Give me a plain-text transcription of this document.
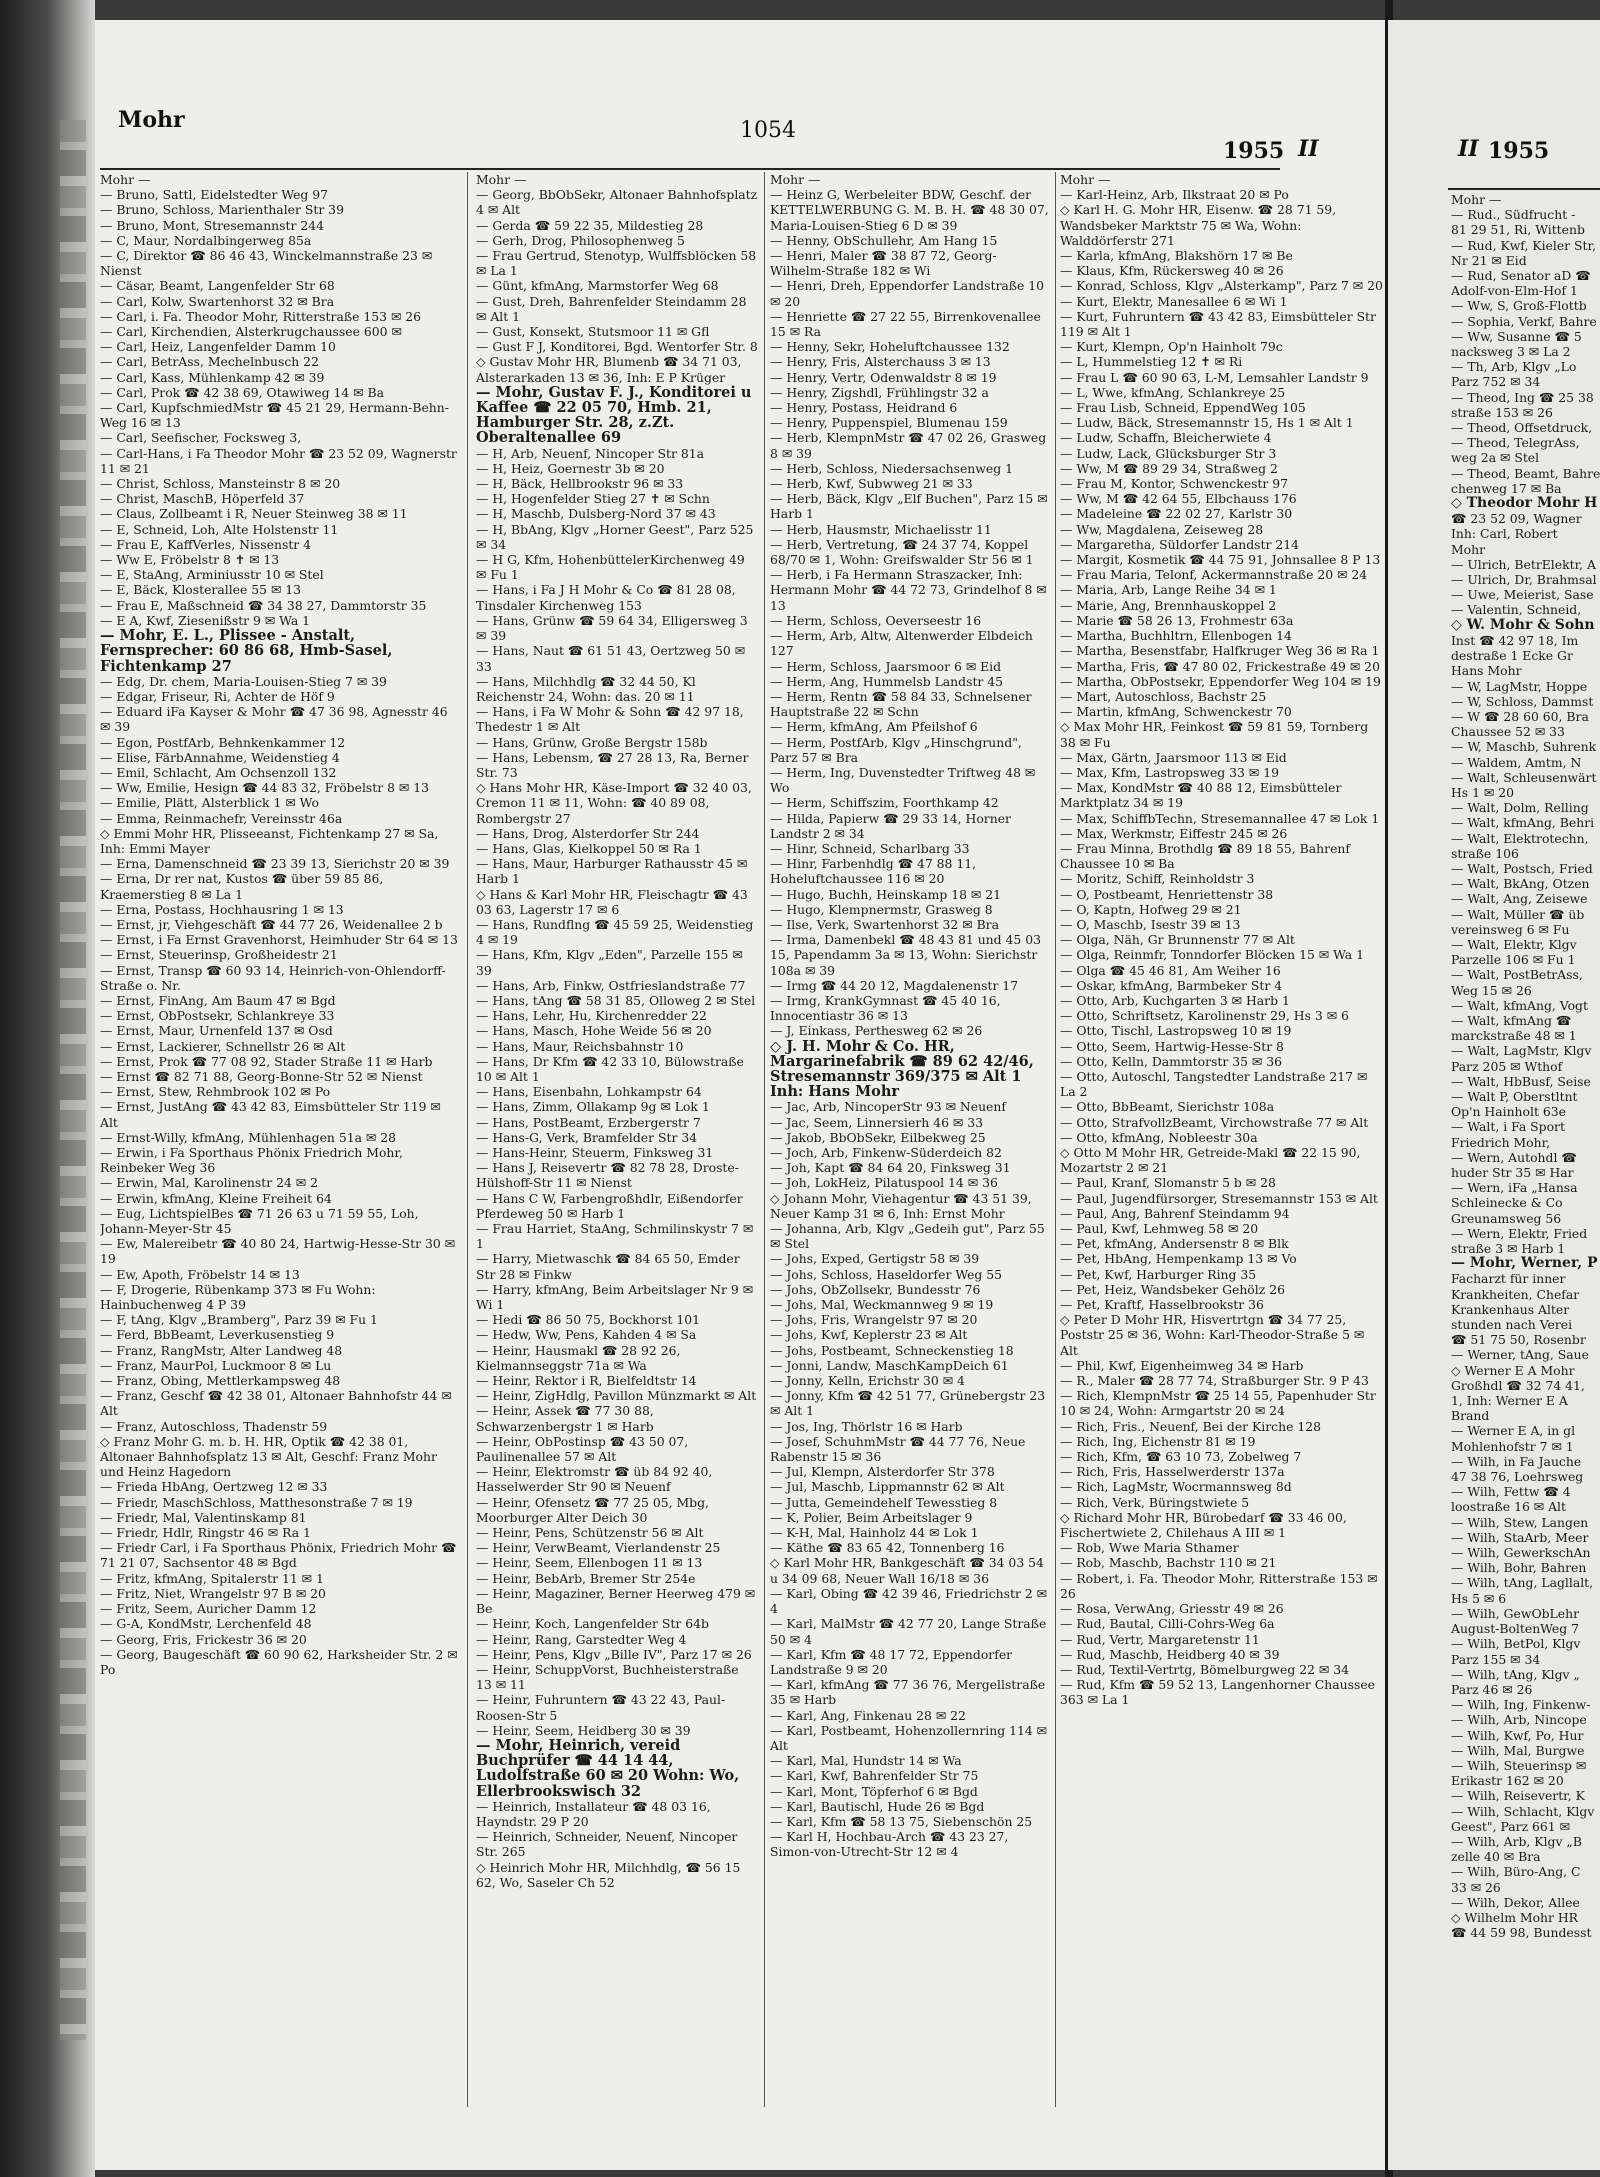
Mohr	1054
1955 II
Mohr —
— Bruno, Sattl, Eidelstedter Weg 97
— Bruno, Schloss, Marienthaler Str 39
— Bruno, Mont, Stresemannstr 244
— C, Maur, Nordalbingerweg 85a
— C, Direktor ☎ 86 46 43, Winckelmannstraße 23 ✉ Nienst
— Cäsar, Beamt, Langenfelder Str 68
— Carl, Kolw, Swartenhorst 32 ✉ Bra
— Carl, i. Fa. Theodor Mohr, Ritterstraße 153 ✉ 26
— Carl, Kirchendien, Alsterkrugchaussee 600 ✉
— Carl, Heiz, Langenfelder Damm 10
— Carl, BetrAss, Mechelnbusch 22
— Carl, Kass, Mühlenkamp 42 ✉ 39
— Carl, Prok ☎ 42 38 69, Otawiweg 14 ✉ Ba
— Carl, KupfschmiedMstr ☎ 45 21 29, Hermann-Behn-Weg 16 ✉ 13
— Carl, Seefischer, Focksweg 3,
— Carl-Hans, i Fa Theodor Mohr ☎ 23 52 09, Wagnerstr 11 ✉ 21
— Christ, Schloss, Mansteinstr 8 ✉ 20
— Christ, MaschB, Höperfeld 37
— Claus, Zollbeamt i R, Neuer Steinweg 38 ✉ 11
— E, Schneid, Loh, Alte Holstenstr 11
— Frau E, KaffVerles, Nissenstr 4
— Ww E, Fröbelstr 8 ✝ ✉ 13
— E, StaAng, Arminiusstr 10 ✉ Stel
— E, Bäck, Klosterallee 55 ✉ 13
— Frau E, Maßschneid ☎ 34 38 27, Dammtorstr 35
— E A, Kwf, Ziesenißstr 9 ✉ Wa 1
— Mohr, E. L., Plissee - Anstalt, Fernsprecher: 60 86 68, Hmb-Sasel, Fichtenkamp 27
— Edg, Dr. chem, Maria-Louisen-Stieg 7 ✉ 39
— Edgar, Friseur, Ri, Achter de Höf 9
— Eduard iFa Kayser & Mohr ☎ 47 36 98, Agnesstr 46 ✉ 39
— Egon, PostfArb, Behnkenkammer 12
— Elise, FärbAnnahme, Weidenstieg 4
— Emil, Schlacht, Am Ochsenzoll 132
— Ww, Emilie, Hesign ☎ 44 83 32, Fröbelstr 8 ✉ 13
— Emilie, Plätt, Alsterblick 1 ✉ Wo
— Emma, Reinmachefr, Vereinsstr 46a
◇ Emmi Mohr HR, Plisseeanst, Fichtenkamp 27 ✉ Sa, Inh: Emmi Mayer
— Erna, Damenschneid ☎ 23 39 13, Sierichstr 20 ✉ 39
— Erna, Dr rer nat, Kustos ☎ über 59 85 86, Kraemerstieg 8 ✉ La 1
— Erna, Postass, Hochhausring 1 ✉ 13
— Ernst, jr, Viehgeschäft ☎ 44 77 26, Weidenallee 2 b
— Ernst, i Fa Ernst Gravenhorst, Heimhuder Str 64 ✉ 13
— Ernst, Steuerinsp, Großheidestr 21
— Ernst, Transp ☎ 60 93 14, Heinrich-von-Ohlendorff-Straße o. Nr.
— Ernst, FinAng, Am Baum 47 ✉ Bgd
— Ernst, ObPostsekr, Schlankreye 33
— Ernst, Maur, Urnenfeld 137 ✉ Osd
— Ernst, Lackierer, Schnellstr 26 ✉ Alt
— Ernst, Prok ☎ 77 08 92, Stader Straße 11 ✉ Harb
— Ernst ☎ 82 71 88, Georg-Bonne-Str 52 ✉ Nienst
— Ernst, Stew, Rehmbrook 102 ✉ Po
— Ernst, JustAng ☎ 43 42 83, Eimsbütteler Str 119 ✉ Alt
— Ernst-Willy, kfmAng, Mühlenhagen 51a ✉ 28
— Erwin, i Fa Sporthaus Phönix Friedrich Mohr, Reinbeker Weg 36
— Erwin, Mal, Karolinenstr 24 ✉ 2
— Erwin, kfmAng, Kleine Freiheit 64
— Eug, LichtspielBes ☎ 71 26 63 u 71 59 55, Loh, Johann-Meyer-Str 45
— Ew, Malereibetr ☎ 40 80 24, Hartwig-Hesse-Str 30 ✉ 19
— Ew, Apoth, Fröbelstr 14 ✉ 13
— F, Drogerie, Rübenkamp 373 ✉ Fu Wohn: Hainbuchenweg 4 P 39
— F, tAng, Klgv „Bramberg", Parz 39 ✉ Fu 1
— Ferd, BbBeamt, Leverkusenstieg 9
— Franz, RangMstr, Alter Landweg 48
— Franz, MaurPol, Luckmoor 8 ✉ Lu
— Franz, Obing, Mettlerkampsweg 48
— Franz, Geschf ☎ 42 38 01, Altonaer Bahnhofstr 44 ✉ Alt
— Franz, Autoschloss, Thadenstr 59
◇ Franz Mohr G. m. b. H. HR, Optik ☎ 42 38 01, Altonaer Bahnhofsplatz 13 ✉ Alt, Geschf: Franz Mohr und Heinz Hagedorn
— Frieda HbAng, Oertzweg 12 ✉ 33
— Friedr, MaschSchloss, Matthesonstraße 7 ✉ 19
— Friedr, Mal, Valentinskamp 81
— Friedr, Hdlr, Ringstr 46 ✉ Ra 1
— Friedr Carl, i Fa Sporthaus Phönix, Friedrich Mohr ☎ 71 21 07, Sachsentor 48 ✉ Bgd
— Fritz, kfmAng, Spitalerstr 11 ✉ 1
— Fritz, Niet, Wrangelstr 97 B ✉ 20
— Fritz, Seem, Auricher Damm 12
— G-A, KondMstr, Lerchenfeld 48
— Georg, Fris, Frickestr 36 ✉ 20
— Georg, Baugeschäft ☎ 60 90 62, Harksheider Str. 2 ✉ Po
Mohr —
— Georg, BbObSekr, Altonaer Bahnhofsplatz 4 ✉ Alt
— Gerda ☎ 59 22 35, Mildestieg 28
— Gerh, Drog, Philosophenweg 5
— Frau Gertrud, Stenotyp, Wulffsblöcken 58 ✉ La 1
— Günt, kfmAng, Marmstorfer Weg 68
— Gust, Dreh, Bahrenfelder Steindamm 28 ✉ Alt 1
— Gust, Konsekt, Stutsmoor 11 ✉ Gfl
— Gust F J, Konditorei, Bgd. Wentorfer Str. 8
◇ Gustav Mohr HR, Blumenb ☎ 34 71 03, Alsterarkaden 13 ✉ 36, Inh: E P Krüger
— Mohr, Gustav F. J., Konditorei u Kaffee ☎ 22 05 70, Hmb. 21, Hamburger Str. 28, z.Zt. Oberaltenallee 69
— H, Arb, Neuenf, Nincoper Str 81a
— H, Heiz, Goernestr 3b ✉ 20
— H, Bäck, Hellbrookstr 96 ✉ 33
— H, Hogenfelder Stieg 27 ✝ ✉ Schn
— H, Maschb, Dulsberg-Nord 37 ✉ 43
— H, BbAng, Klgv „Horner Geest", Parz 525 ✉ 34
— H G, Kfm, HohenbüttelerKirchenweg 49 ✉ Fu 1
— Hans, i Fa J H Mohr & Co ☎ 81 28 08, Tinsdaler Kirchenweg 153
— Hans, Grünw ☎ 59 64 34, Elligersweg 3 ✉ 39
— Hans, Naut ☎ 61 51 43, Oertzweg 50 ✉ 33
— Hans, Milchhdlg ☎ 32 44 50, Kl Reichenstr 24, Wohn: das. 20 ✉ 11
— Hans, i Fa W Mohr & Sohn ☎ 42 97 18, Thedestr 1 ✉ Alt
— Hans, Grünw, Große Bergstr 158b
— Hans, Lebensm, ☎ 27 28 13, Ra, Berner Str. 73
◇ Hans Mohr HR, Käse-Import ☎ 32 40 03, Cremon 11 ✉ 11, Wohn: ☎ 40 89 08, Rombergstr 27
— Hans, Drog, Alsterdorfer Str 244
— Hans, Glas, Kielkoppel 50 ✉ Ra 1
— Hans, Maur, Harburger Rathausstr 45 ✉ Harb 1
◇ Hans & Karl Mohr HR, Fleischagtr ☎ 43 03 63, Lagerstr 17 ✉ 6
— Hans, Rundflng ☎ 45 59 25, Weidenstieg 4 ✉ 19
— Hans, Kfm, Klgv „Eden", Parzelle 155 ✉ 39
— Hans, Arb, Finkw, Ostfrieslandstraße 77
— Hans, tAng ☎ 58 31 85, Olloweg 2 ✉ Stel
— Hans, Lehr, Hu, Kirchenredder 22
— Hans, Masch, Hohe Weide 56 ✉ 20
— Hans, Maur, Reichsbahnstr 10
— Hans, Dr Kfm ☎ 42 33 10, Bülowstraße 10 ✉ Alt 1
— Hans, Eisenbahn, Lohkampstr 64
— Hans, Zimm, Ollakamp 9g ✉ Lok 1
— Hans, PostBeamt, Erzbergerstr 7
— Hans-G, Verk, Bramfelder Str 34
— Hans-Heinr, Steuerm, Finksweg 31
— Hans J, Reisevertr ☎ 82 78 28, Droste-Hülshoff-Str 11 ✉ Nienst
— Hans C W, Farbengroßhdlr, Eißendorfer Pferdeweg 50 ✉ Harb 1
— Frau Harriet, StaAng, Schmilinskystr 7 ✉ 1
— Harry, Mietwaschk ☎ 84 65 50, Emder Str 28 ✉ Finkw
— Harry, kfmAng, Beim Arbeitslager Nr 9 ✉ Wi 1
— Hedi ☎ 86 50 75, Bockhorst 101
— Hedw, Ww, Pens, Kahden 4 ✉ Sa
— Heinr, Hausmakl ☎ 28 92 26, Kielmannseggstr 71a ✉ Wa
— Heinr, Rektor i R, Bielfeldtstr 14
— Heinr, ZigHdlg, Pavillon Münzmarkt ✉ Alt
— Heinr, Assek ☎ 77 30 88, Schwarzenbergstr 1 ✉ Harb
— Heinr, ObPostinsp ☎ 43 50 07, Paulinenallee 57 ✉ Alt
— Heinr, Elektromstr ☎ üb 84 92 40, Hasselwerder Str 90 ✉ Neuenf
— Heinr, Ofensetz ☎ 77 25 05, Mbg, Moorburger Alter Deich 30
— Heinr, Pens, Schützenstr 56 ✉ Alt
— Heinr, VerwBeamt, Vierlandenstr 25
— Heinr, Seem, Ellenbogen 11 ✉ 13
— Heinr, BebArb, Bremer Str 254e
— Heinr, Magaziner, Berner Heerweg 479 ✉ Be
— Heinr, Koch, Langenfelder Str 64b
— Heinr, Rang, Garstedter Weg 4
— Heinr, Pens, Klgv „Bille IV", Parz 17 ✉ 26
— Heinr, SchuppVorst, Buchheisterstraße 13 ✉ 11
— Heinr, Fuhruntern ☎ 43 22 43, Paul-Roosen-Str 5
— Heinr, Seem, Heidberg 30 ✉ 39
— Mohr, Heinrich, vereid Buchprüfer ☎ 44 14 44, Ludolfstraße 60 ✉ 20 Wohn: Wo, Ellerbrookswisch 32
— Heinrich, Installateur ☎ 48 03 16, Hayndstr. 29 P 20
— Heinrich, Schneider, Neuenf, Nincoper Str. 265
◇ Heinrich Mohr HR, Milchhdlg, ☎ 56 15 62, Wo, Saseler Ch 52
Mohr —
— Heinz G, Werbeleiter BDW, Geschf. der KETTELWERBUNG G. M. B. H. ☎ 48 30 07, Maria-Louisen-Stieg 6 D ✉ 39
— Henny, ObSchullehr, Am Hang 15
— Henri, Maler ☎ 38 87 72, Georg-Wilhelm-Straße 182 ✉ Wi
— Henri, Dreh, Eppendorfer Landstraße 10 ✉ 20
— Henriette ☎ 27 22 55, Birrenkovenallee 15 ✉ Ra
— Henny, Sekr, Hoheluftchaussee 132
— Henry, Fris, Alsterchauss 3 ✉ 13
— Henry, Vertr, Odenwaldstr 8 ✉ 19
— Henry, Zigshdl, Frühlingstr 32 a
— Henry, Postass, Heidrand 6
— Henry, Puppenspiel, Blumenau 159
— Herb, KlempnMstr ☎ 47 02 26, Grasweg 8 ✉ 39
— Herb, Schloss, Niedersachsenweg 1
— Herb, Kwf, Subwweg 21 ✉ 33
— Herb, Bäck, Klgv „Elf Buchen", Parz 15 ✉ Harb 1
— Herb, Hausmstr, Michaelisstr 11
— Herb, Vertretung, ☎ 24 37 74, Koppel 68/70 ✉ 1, Wohn: Greifswalder Str 56 ✉ 1
— Herb, i Fa Hermann Straszacker, Inh: Hermann Mohr ☎ 44 72 73, Grindelhof 8 ✉ 13
— Herm, Schloss, Oeverseestr 16
— Herm, Arb, Altw, Altenwerder Elbdeich 127
— Herm, Schloss, Jaarsmoor 6 ✉ Eid
— Herm, Ang, Hummelsb Landstr 45
— Herm, Rentn ☎ 58 84 33, Schnelsener Hauptstraße 22 ✉ Schn
— Herm, kfmAng, Am Pfeilshof 6
— Herm, PostfArb, Klgv „Hinschgrund", Parz 57 ✉ Bra
— Herm, Ing, Duvenstedter Triftweg 48 ✉ Wo
— Herm, Schiffszim, Foorthkamp 42
— Hilda, Papierw ☎ 29 33 14, Horner Landstr 2 ✉ 34
— Hinr, Schneid, Scharlbarg 33
— Hinr, Farbenhdlg ☎ 47 88 11, Hoheluftchaussee 116 ✉ 20
— Hugo, Buchh, Heinskamp 18 ✉ 21
— Hugo, Klempnermstr, Grasweg 8
— Ilse, Verk, Swartenhorst 32 ✉ Bra
— Irma, Damenbekl ☎ 48 43 81 und 45 03 15, Papendamm 3a ✉ 13, Wohn: Sierichstr 108a ✉ 39
— Irmg ☎ 44 20 12, Magdalenenstr 17
— Irmg, KrankGymnast ☎ 45 40 16, Innocentiastr 36 ✉ 13
— J, Einkass, Perthesweg 62 ✉ 26
◇ J. H. Mohr & Co. HR, Margarinefabrik ☎ 89 62 42/46, Stresemannstr 369/375 ✉ Alt 1 Inh: Hans Mohr
— Jac, Arb, NincoperStr 93 ✉ Neuenf
— Jac, Seem, Linnersierh 46 ✉ 33
— Jakob, BbObSekr, Eilbekweg 25
— Joch, Arb, Finkenw-Süderdeich 82
— Joh, Kapt ☎ 84 64 20, Finksweg 31
— Joh, LokHeiz, Pilatuspool 14 ✉ 36
◇ Johann Mohr, Viehagentur ☎ 43 51 39, Neuer Kamp 31 ✉ 6, Inh: Ernst Mohr
— Johanna, Arb, Klgv „Gedeih gut", Parz 55 ✉ Stel
— Johs, Exped, Gertigstr 58 ✉ 39
— Johs, Schloss, Haseldorfer Weg 55
— Johs, ObZollsekr, Bundesstr 76
— Johs, Mal, Weckmannweg 9 ✉ 19
— Johs, Fris, Wrangelstr 97 ✉ 20
— Johs, Kwf, Keplerstr 23 ✉ Alt
— Johs, Postbeamt, Schneckenstieg 18
— Jonni, Landw, MaschKampDeich 61
— Jonny, Kelln, Erichstr 30 ✉ 4
— Jonny, Kfm ☎ 42 51 77, Grünebergstr 23 ✉ Alt 1
— Jos, Ing, Thörlstr 16 ✉ Harb
— Josef, SchuhmMstr ☎ 44 77 76, Neue Rabenstr 15 ✉ 36
— Jul, Klempn, Alsterdorfer Str 378
— Jul, Maschb, Lippmannstr 62 ✉ Alt
— Jutta, Gemeindehelf Tewesstieg 8
— K, Polier, Beim Arbeitslager 9
— K-H, Mal, Hainholz 44 ✉ Lok 1
— Käthe ☎ 83 65 42, Tonnenberg 16
◇ Karl Mohr HR, Bankgeschäft ☎ 34 03 54 u 34 09 68, Neuer Wall 16/18 ✉ 36
— Karl, Obing ☎ 42 39 46, Friedrichstr 2 ✉ 4
— Karl, MalMstr ☎ 42 77 20, Lange Straße 50 ✉ 4
— Karl, Kfm ☎ 48 17 72, Eppendorfer Landstraße 9 ✉ 20
— Karl, kfmAng ☎ 77 36 76, Mergellstraße 35 ✉ Harb
— Karl, Ang, Finkenau 28 ✉ 22
— Karl, Postbeamt, Hohenzollernring 114 ✉ Alt
— Karl, Mal, Hundstr 14 ✉ Wa
— Karl, Kwf, Bahrenfelder Str 75
— Karl, Mont, Töpferhof 6 ✉ Bgd
— Karl, Bautischl, Hude 26 ✉ Bgd
— Karl, Kfm ☎ 58 13 75, Siebenschön 25
— Karl H, Hochbau-Arch ☎ 43 23 27, Simon-von-Utrecht-Str 12 ✉ 4
Mohr —
— Karl-Heinz, Arb, Ilkstraat 20 ✉ Po
◇ Karl H. G. Mohr HR, Eisenw. ☎ 28 71 59, Wandsbeker Marktstr 75 ✉ Wa, Wohn: Walddörferstr 271
— Karla, kfmAng, Blakshörn 17 ✉ Be
— Klaus, Kfm, Rückersweg 40 ✉ 26
— Konrad, Schloss, Klgv „Alsterkamp", Parz 7 ✉ 20
— Kurt, Elektr, Manesallee 6 ✉ Wi 1
— Kurt, Fuhruntern ☎ 43 42 83, Eimsbütteler Str 119 ✉ Alt 1
— Kurt, Klempn, Op'n Hainholt 79c
— L, Hummelstieg 12 ✝ ✉ Ri
— Frau L ☎ 60 90 63, L-M, Lemsahler Landstr 9
— L, Wwe, kfmAng, Schlankreye 25
— Frau Lisb, Schneid, EppendWeg 105
— Ludw, Bäck, Stresemannstr 15, Hs 1 ✉ Alt 1
— Ludw, Schaffn, Bleicherwiete 4
— Ludw, Lack, Glücksburger Str 3
— Ww, M ☎ 89 29 34, Straßweg 2
— Frau M, Kontor, Schwenckestr 97
— Ww, M ☎ 42 64 55, Elbchauss 176
— Madeleine ☎ 22 02 27, Karlstr 30
— Ww, Magdalena, Zeiseweg 28
— Margaretha, Süldorfer Landstr 214
— Margit, Kosmetik ☎ 44 75 91, Johnsallee 8 P 13
— Frau Maria, Telonf, Ackermannstraße 20 ✉ 24
— Maria, Arb, Lange Reihe 34 ✉ 1
— Marie, Ang, Brennhauskoppel 2
— Marie ☎ 58 26 13, Frohmestr 63a
— Martha, Buchhltrn, Ellenbogen 14
— Martha, Besenstfabr, Halfkruger Weg 36 ✉ Ra 1
— Martha, Fris, ☎ 47 80 02, Frickestraße 49 ✉ 20
— Martha, ObPostsekr, Eppendorfer Weg 104 ✉ 19
— Mart, Autoschloss, Bachstr 25
— Martin, kfmAng, Schwenckestr 70
◇ Max Mohr HR, Feinkost ☎ 59 81 59, Tornberg 38 ✉ Fu
— Max, Gärtn, Jaarsmoor 113 ✉ Eid
— Max, Kfm, Lastropsweg 33 ✉ 19
— Max, KondMstr ☎ 40 88 12, Eimsbütteler Marktplatz 34 ✉ 19
— Max, SchiffbTechn, Stresemannallee 47 ✉ Lok 1
— Max, Werkmstr, Eiffestr 245 ✉ 26
— Frau Minna, Brothdlg ☎ 89 18 55, Bahrenf Chaussee 10 ✉ Ba
— Moritz, Schiff, Reinholdstr 3
— O, Postbeamt, Henriettenstr 38
— O, Kaptn, Hofweg 29 ✉ 21
— O, Maschb, Isestr 39 ✉ 13
— Olga, Näh, Gr Brunnenstr 77 ✉ Alt
— Olga, Reinmfr, Tonndorfer Blöcken 15 ✉ Wa 1
— Olga ☎ 45 46 81, Am Weiher 16
— Oskar, kfmAng, Barmbeker Str 4
— Otto, Arb, Kuchgarten 3 ✉ Harb 1
— Otto, Schriftsetz, Karolinenstr 29, Hs 3 ✉ 6
— Otto, Tischl, Lastropsweg 10 ✉ 19
— Otto, Seem, Hartwig-Hesse-Str 8
— Otto, Kelln, Dammtorstr 35 ✉ 36
— Otto, Autoschl, Tangstedter Landstraße 217 ✉ La 2
— Otto, BbBeamt, Sierichstr 108a
— Otto, StrafvollzBeamt, Virchowstraße 77 ✉ Alt
— Otto, kfmAng, Nobleestr 30a
◇ Otto M Mohr HR, Getreide-Makl ☎ 22 15 90, Mozartstr 2 ✉ 21
— Paul, Kranf, Slomanstr 5 b ✉ 28
— Paul, Jugendfürsorger, Stresemannstr 153 ✉ Alt
— Paul, Ang, Bahrenf Steindamm 94
— Paul, Kwf, Lehmweg 58 ✉ 20
— Pet, kfmAng, Andersenstr 8 ✉ Blk
— Pet, HbAng, Hempenkamp 13 ✉ Vo
— Pet, Kwf, Harburger Ring 35
— Pet, Heiz, Wandsbeker Gehölz 26
— Pet, Kraftf, Hasselbrookstr 36
◇ Peter D Mohr HR, Hisvertrtgn ☎ 34 77 25, Poststr 25 ✉ 36, Wohn: Karl-Theodor-Straße 5 ✉ Alt
— Phil, Kwf, Eigenheimweg 34 ✉ Harb
— R., Maler ☎ 28 77 74, Straßburger Str. 9 P 43
— Rich, KlempnMstr ☎ 25 14 55, Papenhuder Str 10 ✉ 24, Wohn: Armgartstr 20 ✉ 24
— Rich, Fris., Neuenf, Bei der Kirche 128
— Rich, Ing, Eichenstr 81 ✉ 19
— Rich, Kfm, ☎ 63 10 73, Zobelweg 7
— Rich, Fris, Hasselwerderstr 137a
— Rich, LagMstr, Wocrmannsweg 8d
— Rich, Verk, Büringstwiete 5
◇ Richard Mohr HR, Bürobedarf ☎ 33 46 00, Fischertwiete 2, Chilehaus A III ✉ 1
— Rob, Wwe Maria Sthamer
— Rob, Maschb, Bachstr 110 ✉ 21
— Robert, i. Fa. Theodor Mohr, Ritterstraße 153 ✉ 26
— Rosa, VerwAng, Griesstr 49 ✉ 26
— Rud, Bautal, Cilli-Cohrs-Weg 6a
— Rud, Vertr, Margaretenstr 11
— Rud, Maschb, Heidberg 40 ✉ 39
— Rud, Textil-Vertrtg, Bömelburgweg 22 ✉ 34
— Rud, Kfm ☎ 59 52 13, Langenhorner Chaussee 363 ✉ La 1
II 1955
Mohr —
— Rud., Südfrucht -
81 29 51, Ri, Wittenb
— Rud, Kwf, Kieler Str,
Nr 21 ✉ Eid
— Rud, Senator aD ☎
Adolf-von-Elm-Hof 1
— Ww, S, Groß-Flottb
— Sophia, Verkf, Bahre
— Ww, Susanne ☎ 5
nacksweg 3 ✉ La 2
— Th, Arb, Klgv „Lo
Parz 752 ✉ 34
— Theod, Ing ☎ 25 38
straße 153 ✉ 26
— Theod, Offsetdruck,
— Theod, TelegrAss,
weg 2a ✉ Stel
— Theod, Beamt, Bahre
chenweg 17 ✉ Ba
◇ Theodor Mohr H
☎ 23 52 09, Wagner
Inh: Carl, Robert
Mohr
— Ulrich, BetrElektr, A
— Ulrich, Dr, Brahmsal
— Uwe, Meierist, Sase
— Valentin, Schneid,
◇ W. Mohr & Sohn
Inst ☎ 42 97 18, Im
destraße 1 Ecke Gr
Hans Mohr
— W, LagMstr, Hoppe
— W, Schloss, Dammst
— W ☎ 28 60 60, Bra
Chaussee 52 ✉ 33
— W, Maschb, Suhrenk
— Waldem, Amtm, N
— Walt, Schleusenwärt
Hs 1 ✉ 20
— Walt, Dolm, Relling
— Walt, kfmAng, Behri
— Walt, Elektrotechn,
straße 106
— Walt, Postsch, Fried
— Walt, BkAng, Otzen
— Walt, Ang, Zeisewe
— Walt, Müller ☎ üb
vereinsweg 6 ✉ Fu
— Walt, Elektr, Klgv
Parzelle 106 ✉ Fu 1
— Walt, PostBetrAss,
Weg 15 ✉ 26
— Walt, kfmAng, Vogt
— Walt, kfmAng ☎
marckstraße 48 ✉ 1
— Walt, LagMstr, Klgv
Parz 205 ✉ Wthof
— Walt, HbBusf, Seise
— Walt P, Oberstltnt
Op'n Hainholt 63e
— Walt, i Fa Sport
Friedrich Mohr,
— Wern, Autohdl ☎
huder Str 35 ✉ Har
— Wern, iFa „Hansa
Schleinecke & Co
Greunamsweg 56
— Wern, Elektr, Fried
straße 3 ✉ Harb 1
— Mohr, Werner, P
Facharzt für inner
Krankheiten, Chefar
Krankenhaus Alter
stunden nach Verei
☎ 51 75 50, Rosenbr
— Werner, tAng, Saue
◇ Werner E A Mohr
Großhdl ☎ 32 74 41,
1, Inh: Werner E A
Brand
— Werner E A, in gl
Mohlenhofstr 7 ✉ 1
— Wilh, in Fa Jauche
47 38 76, Loehrsweg
— Wilh, Fettw ☎ 4
loostraße 16 ✉ Alt
— Wilh, Stew, Langen
— Wilh, StaArb, Meer
— Wilh, GewerkschAn
— Wilh, Bohr, Bahren
— Wilh, tAng, Lagllalt,
Hs 5 ✉ 6
— Wilh, GewObLehr
August-BoltenWeg 7
— Wilh, BetPol, Klgv
Parz 155 ✉ 34
— Wilh, tAng, Klgv „
Parz 46 ✉ 26
— Wilh, Ing, Finkenw-
— Wilh, Arb, Nincope
— Wilh, Kwf, Po, Hur
— Wilh, Mal, Burgwe
— Wilh, Steuerinsp ✉
Erikastr 162 ✉ 20
— Wilh, Reisevertr, K
— Wilh, Schlacht, Klgv
Geest", Parz 661 ✉
— Wilh, Arb, Klgv „B
zelle 40 ✉ Bra
— Wilh, Büro-Ang, C
33 ✉ 26
— Wilh, Dekor, Allee
◇ Wilhelm Mohr HR
☎ 44 59 98, Bundesst
